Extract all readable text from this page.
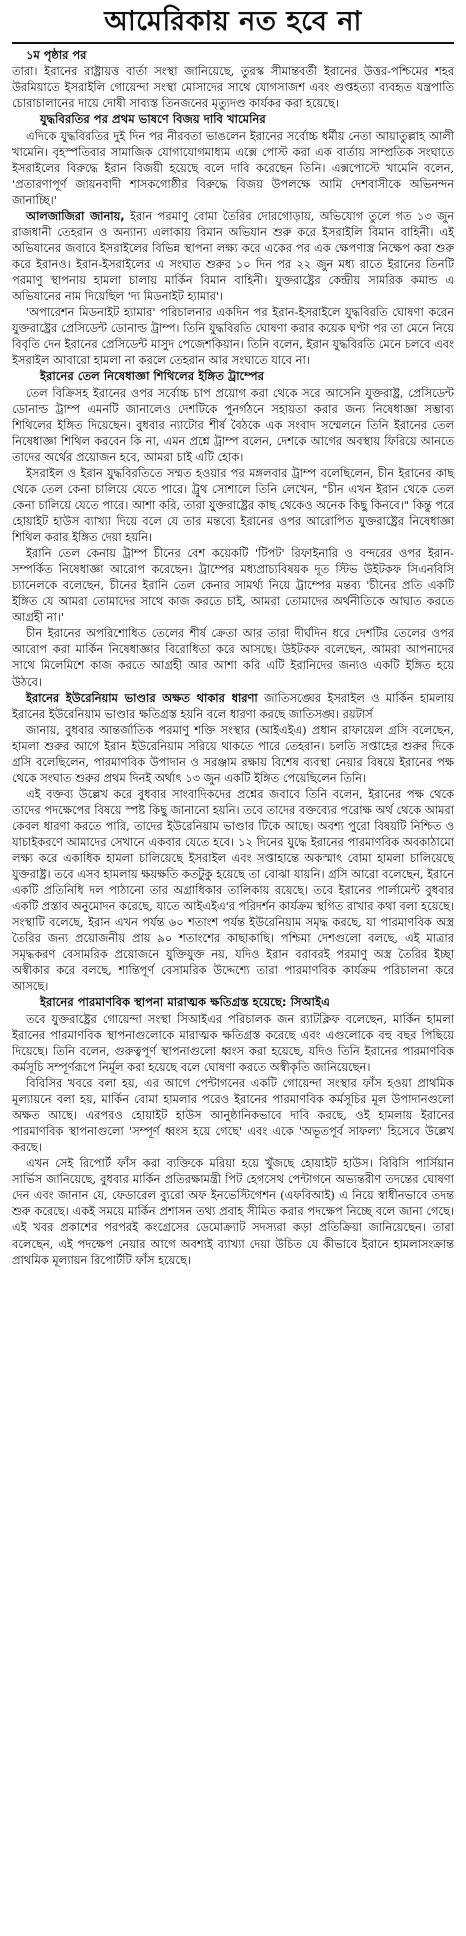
আমেরিকায় নত হবে না

১ম পৃষ্ঠার পর

তারা। ইরানের রাষ্ট্রায়ত্ত বার্তা সংস্থা জানিয়েছে, তুরস্ক সীমান্তবর্তী ইরানের উত্তর-পশ্চিমের শহর উরমিয়াতে ইসরাইলি গোয়েন্দা সংস্থা মোসাদের সাথে যোগসাজশ এবং গুপ্তহত্যা ব্যবহৃত যন্ত্রপাতি চোরাচালানের দায়ে দোষী সাব্যস্ত তিনজনের মৃত্যুদণ্ড কার্যকর করা হয়েছে।

যুদ্ধবিরতির পর প্রথম ভাষণে বিজয় দাবি খামেনির

এদিকে যুদ্ধবিরতির দুই দিন পর নীরবতা ভাঙলেন ইরানের সর্বোচ্চ ধর্মীয় নেতা আয়াতুল্লাহ আলী খামেনি। বৃহস্পতিবার সামাজিক যোগাযোগমাধ্যম এক্সে পোস্ট করা এক বার্তায় সাম্প্রতিক সংঘাতে ইসরাইলের বিরুদ্ধে ইরান বিজয়ী হয়েছে বলে দাবি করেছেন তিনি। এক্সপোস্টে খামেনি বলেন, 'প্রতারণাপূর্ণ জায়নবাদী শাসকগোষ্ঠীর বিরুদ্ধে বিজয় উপলক্ষে আমি দেশবাসীকে অভিনন্দন জানাচ্ছি।'

আলজাজিরা জানায়, ইরান পরমাণু বোমা তৈরির দোরগোড়ায়, অভিযোগ তুলে গত ১৩ জুন রাজধানী তেহরান ও অন্যান্য এলাকায় বিমান অভিযান শুরু করে ইসরাইলি বিমান বাহিনী। এই অভিযানের জবাবে ইসরাইলের বিভিন্ন স্থাপনা লক্ষ্য করে একের পর এক ক্ষেপণাস্ত্র নিক্ষেপ করা শুরু করে ইরানও। ইরান-ইসরাইলের এ সংঘাত শুরুর ১০ দিন পর ২২ জুন মধ্য রাতে ইরানের তিনটি পরমাণু স্থাপনায় হামলা চালায় মার্কিন বিমান বাহিনী। যুক্তরাষ্ট্রের কেন্দ্রীয় সামরিক কমান্ড এ অভিযানের নাম দিয়েছিল 'দ্য মিডনাইট হ্যামার'।

'অপারেশন মিডনাইট হ্যামার' পরিচালনার একদিন পর ইরান-ইসরাইলে যুদ্ধবিরতি ঘোষণা করেন যুক্তরাষ্ট্রের প্রেসিডেন্ট ডোনাল্ড ট্রাম্প। তিনি যুদ্ধবিরতি ঘোষণা করার কয়েক ঘণ্টা পর তা মেনে নিয়ে বিবৃতি দেন ইরানের প্রেসিডেন্ট মাসুদ পেজেশকিয়ান। তিনি বলেন, ইরান যুদ্ধবিরতি মেনে চলবে এবং ইসরাইল আবারো হামলা না করলে তেহরান আর সংঘাতে যাবে না।

ইরানের তেল নিষেধাজ্ঞা শিথিলের ইঙ্গিত ট্রাম্পের

তেল বিক্রিসহ ইরানের ওপর সর্বোচ্চ চাপ প্রয়োগ করা থেকে সরে আসেনি যুক্তরাষ্ট্র, প্রেসিডেন্ট ডোনাল্ড ট্রাম্প এমনটি জানালেও দেশটিকে পুনর্গঠনে সহায়তা করার জন্য নিষেধাজ্ঞা সম্ভাব্য শিথিলের ইঙ্গিত দিয়েছেন। বুধবার ন্যাটোর শীর্ষ বৈঠকে এক সংবাদ সম্মেলনে তিনি ইরানের তেল নিষেধাজ্ঞা শিথিল করবেন কি না, এমন প্রশ্নে ট্রাম্প বলেন, দেশকে আগের অবস্থায় ফিরিয়ে আনতে তাদের অর্থের প্রয়োজন হবে, আমরা চাই এটি হোক।

ইসরাইল ও ইরান যুদ্ধবিরতিতে সম্মত হওয়ার পর মঙ্গলবার ট্রাম্প বলেছিলেন, চীন ইরানের কাছ থেকে তেল কেনা চালিয়ে যেতে পারে। ট্রুথ সোশালে তিনি লেখেন, "চীন এখন ইরান থেকে তেল কেনা চালিয়ে যেতে পারে। আশা করি, তারা যুক্তরাষ্ট্রের কাছ থেকেও অনেক কিছু কিনবে।" কিন্তু পরে হোয়াইট হাউস ব্যাখ্যা দিয়ে বলে যে তার মন্তব্যে ইরানের ওপর আরোপিত যুক্তরাষ্ট্রের নিষেধাজ্ঞা শিথিল করার ইঙ্গিত দেয়া হয়নি।

ইরানি তেল কেনায় ট্রাম্প চীনের বেশ কয়েকটি 'টিপট' রিফাইনারি ও বন্দরের ওপর ইরান-সম্পর্কিত নিষেধাজ্ঞা আরোপ করেছেন। ট্রাম্পের মধ্যপ্রাচ্যবিষয়ক দূত স্টিভ উইটকফ সিএনবিসি চ্যানেলকে বলেছেন, চীনের ইরানি তেল কেনার সামর্থ্য নিয়ে ট্রাম্পের মন্তব্য 'চীনের প্রতি একটি ইঙ্গিত যে আমরা তোমাদের সাথে কাজ করতে চাই, আমরা তোমাদের অর্থনীতিকে আঘাত করতে আগ্রহী না।'

চীন ইরানের অপরিশোধিত তেলের শীর্ষ ক্রেতা আর তারা দীর্ঘদিন ধরে দেশটির তেলের ওপর আরোপ করা মার্কিন নিষেধাজ্ঞার বিরোধিতা করে আসছে। উইটকফ বলেছেন, আমরা আপনাদের সাথে মিলেমিশে কাজ করতে আগ্রহী আর আশা করি এটি ইরানিদের জন্যও একটি ইঙ্গিত হয়ে উঠবে।

ইরানের ইউরেনিয়াম ভাণ্ডার অক্ষত থাকার ধারণা জাতিসঙ্ঘের ইসরাইল ও মার্কিন হামলায় ইরানের ইউরেনিয়াম ভাণ্ডার ক্ষতিগ্রস্ত হয়নি বলে ধারণা করছে জাতিসঙ্ঘ। রয়টার্স

জানায়, বুধবার আন্তর্জাতিক পরমাণু শক্তি সংস্থার (আইএইএ) প্রধান রাফায়েল গ্রসি বলেছেন, হামলা শুরুর আগে ইরান ইউরেনিয়াম সরিয়ে থাকতে পারে তেহরান। চলতি সপ্তাহের শুরুর দিকে গ্রসি বলেছিলেন, পারমাণবিক উপাদান ও সরঞ্জাম রক্ষায় বিশেষ ব্যবস্থা নেয়ার বিষয়ে ইরানের পক্ষ থেকে সংঘাত শুরুর প্রথম দিনই অর্থাৎ ১৩ জুন একটি ইঙ্গিত পেয়েছিলেন তিনি।

এই বক্তব্য উল্লেখ করে বুধবার সাংবাদিকদের প্রশ্নের জবাবে তিনি বলেন, ইরানের পক্ষ থেকে তাদের পদক্ষেপের বিষয়ে স্পষ্ট কিছু জানানো হয়নি। তবে তাদের বক্তব্যের পরোক্ষ অর্থ থেকে আমরা কেবল ধারণা করতে পারি, তাদের ইউরেনিয়াম ভাণ্ডার টিকে আছে। অবশ্য পুরো বিষয়টি নিশ্চিত ও যাচাইকরণে আমাদের সেখানে একবার যেতে হবে। ১২ দিনের যুদ্ধে ইরানের পারমাণবিক অবকাঠামো লক্ষ্য করে একাধিক হামলা চালিয়েছে ইসরাইল এবং সপ্তাহান্তে অকস্মাৎ বোমা হামলা চালিয়েছে যুক্তরাষ্ট্র। তবে এসব হামলায় ক্ষয়ক্ষতি কতটুকু হয়েছে তা বোঝা যায়নি। গ্রসি আরো বলেছেন, ইরানে একটি প্রতিনিধি দল পাঠানো তার অগ্রাধিকার তালিকায় রয়েছে। তবে ইরানের পার্লামেন্ট বুধবার একটি প্রস্তাব অনুমোদন করেছে, যাতে আইএইএ'র পরিদর্শন কার্যক্রম স্থগিত রাখার কথা বলা হয়েছে। সংস্থাটি বলেছে, ইরান এখন পর্যন্ত ৬০ শতাংশ পর্যন্ত ইউরেনিয়াম সমৃদ্ধ করছে, যা পারমাণবিক অস্ত্র তৈরির জন্য প্রয়োজনীয় প্রায় ৯০ শতাংশের কাছাকাছি। পশ্চিমা দেশগুলো বলছে, এই মাত্রার সমৃদ্ধকরণ বেসামরিক প্রয়োজনে যুক্তিযুক্ত নয়, যদিও ইরান বরাবরই পরমাণু অস্ত্র তৈরির ইচ্ছা অস্বীকার করে বলছে, শান্তিপূর্ণ বেসামরিক উদ্দেশ্যে তারা পারমাণবিক কার্যক্রম পরিচালনা করে আসছে।

ইরানের পারমাণবিক স্থাপনা মারাত্মক ক্ষতিগ্রস্ত হয়েছে: সিআইএ

তবে যুক্তরাষ্ট্রের গোয়েন্দা সংস্থা সিআইএর পরিচালক জন র‍্যাটক্লিফ বলেছেন, মার্কিন হামলা ইরানের পারমাণবিক স্থাপনাগুলোকে মারাত্মক ক্ষতিগ্রস্ত করেছে এবং এগুলোকে বহু বছর পিছিয়ে দিয়েছে। তিনি বলেন, গুরুত্বপূর্ণ স্থাপনাগুলো ধ্বংস করা হয়েছে, যদিও তিনি ইরানের পারমাণবিক কর্মসূচি সম্পূর্ণরূপে নির্মূল করা হয়েছে বলে ঘোষণা করতে অস্বীকৃতি জানিয়েছেন।

বিবিসির খবরে বলা হয়, এর আগে পেন্টাগনের একটি গোয়েন্দা সংস্থার ফাঁস হওয়া প্রাথমিক মূল্যায়নে বলা হয়, মার্কিন বোমা হামলার পরেও ইরানের পারমাণবিক কর্মসূচির মূল উপাদানগুলো অক্ষত আছে। এরপরও হোয়াইট হাউস আনুষ্ঠানিকভাবে দাবি করছে, ওই হামলায় ইরানের পারমাণবিক স্থাপনাগুলো 'সম্পূর্ণ ধ্বংস হয়ে গেছে' এবং একে 'অভূতপূর্ব সাফল্য' হিসেবে উল্লেখ করছে।

এখন সেই রিপোর্ট ফাঁস করা ব্যক্তিকে মরিয়া হয়ে খুঁজছে হোয়াইট হাউস। বিবিসি পার্সিয়ান সার্ভিস জানিয়েছে, বুধবার মার্কিন প্রতিরক্ষামন্ত্রী পিট হেগসেথ পেন্টাগনে অভ্যন্তরীণ তদন্তের ঘোষণা দেন এবং জানান যে, ফেডারেল ব্যুরো অফ ইনভেস্টিগেশন (এফবিআই) এ নিয়ে স্বাধীনভাবে তদন্ত শুরু করেছে। একই সময়ে মার্কিন প্রশাসন তথ্য প্রবাহ সীমিত করার পদক্ষেপ নিচ্ছে বলে জানা গেছে। এই খবর প্রকাশের পরপরই কংগ্রেসের ডেমোক্র্যাট সদস্যরা কড়া প্রতিক্রিয়া জানিয়েছেন। তারা বলেছেন, এই পদক্ষেপ নেয়ার আগে অবশ্যই ব্যাখ্যা দেয়া উচিত যে কীভাবে ইরানে হামলাসংক্রান্ত প্রাথমিক মূল্যায়ন রিপোর্টটি ফাঁস হয়েছে।
